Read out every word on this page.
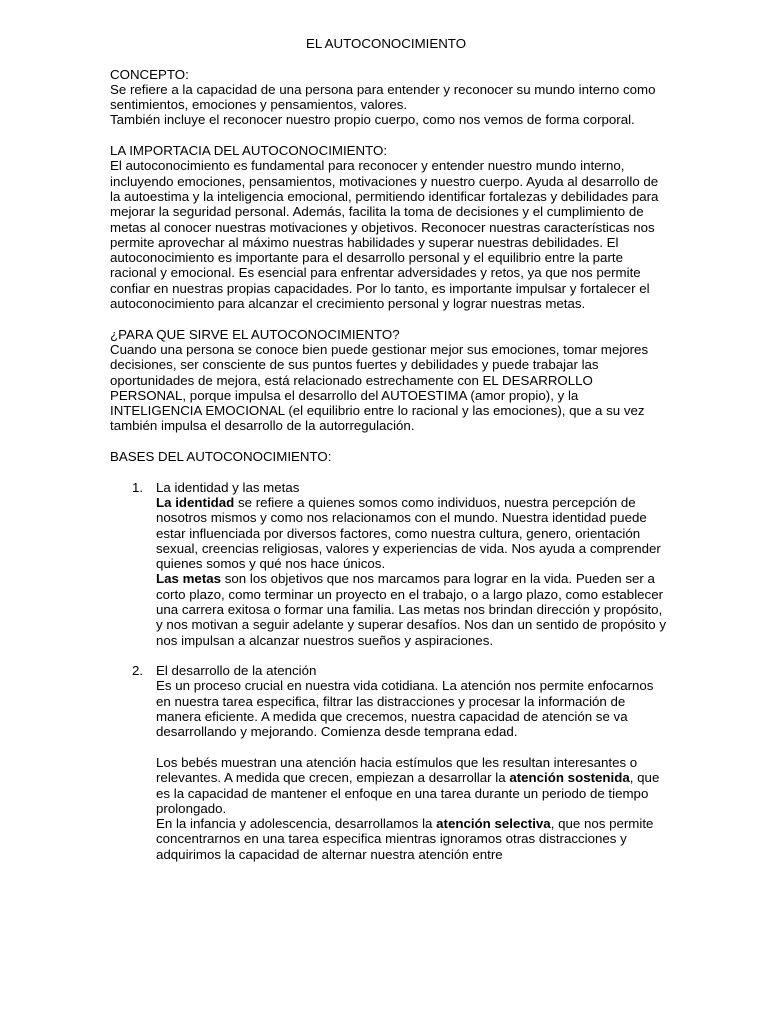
EL AUTOCONOCIMIENTO

CONCEPTO:

Se refiere a la capacidad de una persona para entender y reconocer su mundo interno como sentimientos, emociones y pensamientos, valores.

También incluye el reconocer nuestro propio cuerpo, como nos vemos de forma corporal.

LA IMPORTACIA DEL AUTOCONOCIMIENTO:

El autoconocimiento es fundamental para reconocer y entender nuestro mundo interno, incluyendo emociones, pensamientos, motivaciones y nuestro cuerpo. Ayuda al desarrollo de la autoestima y la inteligencia emocional, permitiendo identificar fortalezas y debilidades para mejorar la seguridad personal. Además, facilita la toma de decisiones y el cumplimiento de metas al conocer nuestras motivaciones y objetivos. Reconocer nuestras características nos permite aprovechar al máximo nuestras habilidades y superar nuestras debilidades. El autoconocimiento es importante para el desarrollo personal y el equilibrio entre la parte racional y emocional. Es esencial para enfrentar adversidades y retos, ya que nos permite confiar en nuestras propias capacidades. Por lo tanto, es importante impulsar y fortalecer el autoconocimiento para alcanzar el crecimiento personal y lograr nuestras metas.

¿PARA QUE SIRVE EL AUTOCONOCIMIENTO?

Cuando una persona se conoce bien puede gestionar mejor sus emociones, tomar mejores decisiones, ser consciente de sus puntos fuertes y debilidades y puede trabajar las oportunidades de mejora, está relacionado estrechamente con EL DESARROLLO PERSONAL, porque impulsa el desarrollo del AUTOESTIMA (amor propio), y la INTELIGENCIA EMOCIONAL (el equilibrio entre lo racional y las emociones), que a su vez también impulsa el desarrollo de la autorregulación.

BASES DEL AUTOCONOCIMIENTO:

1. La identidad y las metas

La identidad se refiere a quienes somos como individuos, nuestra percepción de nosotros mismos y como nos relacionamos con el mundo. Nuestra identidad puede estar influenciada por diversos factores, como nuestra cultura, genero, orientación sexual, creencias religiosas, valores y experiencias de vida. Nos ayuda a comprender quienes somos y qué nos hace únicos.

Las metas son los objetivos que nos marcamos para lograr en la vida. Pueden ser a corto plazo, como terminar un proyecto en el trabajo, o a largo plazo, como establecer una carrera exitosa o formar una familia. Las metas nos brindan dirección y propósito, y nos motivan a seguir adelante y superar desafíos. Nos dan un sentido de propósito y nos impulsan a alcanzar nuestros sueños y aspiraciones.

2. El desarrollo de la atención

Es un proceso crucial en nuestra vida cotidiana. La atención nos permite enfocarnos en nuestra tarea especifica, filtrar las distracciones y procesar la información de manera eficiente. A medida que crecemos, nuestra capacidad de atención se va desarrollando y mejorando. Comienza desde temprana edad.

Los bebés muestran una atención hacia estímulos que les resultan interesantes o relevantes. A medida que crecen, empiezan a desarrollar la atención sostenida, que es la capacidad de mantener el enfoque en una tarea durante un periodo de tiempo prolongado.

En la infancia y adolescencia, desarrollamos la atención selectiva, que nos permite concentrarnos en una tarea especifica mientras ignoramos otras distracciones y adquirimos la capacidad de alternar nuestra atención entre
